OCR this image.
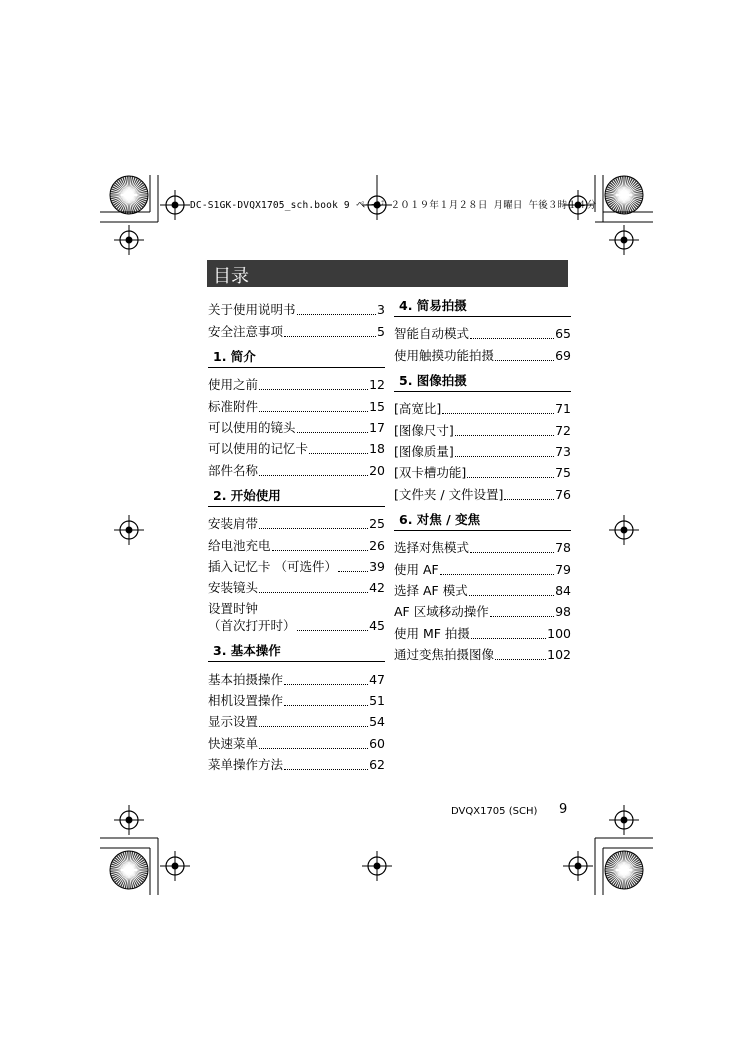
DC-S1GK-DVQX1705_sch.book 9 ページ ２０１９年１月２８日 月曜日 午後３時１４分
目录
关于使用说明书	3
安全注意事项	5
1. 简介
使用之前	12
标准附件	15
可以使用的镜头	17
可以使用的记忆卡	18
部件名称	20
2. 开始使用
安装肩带	25
给电池充电	26
插入记忆卡 （可选件）	39
安装镜头	42
设置时钟
（首次打开时）	45
3. 基本操作
基本拍摄操作	47
相机设置操作	51
显示设置	54
快速菜单	60
菜单操作方法	62
4. 简易拍摄
智能自动模式	65
使用触摸功能拍摄	69
5. 图像拍摄
[高宽比]	71
[图像尺寸]	72
[图像质量]	73
[双卡槽功能]	75
[文件夹 / 文件设置]	76
6. 对焦 / 变焦
选择对焦模式	78
使用 AF	79
选择 AF 模式	84
AF 区域移动操作	98
使用 MF 拍摄	100
通过变焦拍摄图像	102
DVQX1705 (SCH) 9
